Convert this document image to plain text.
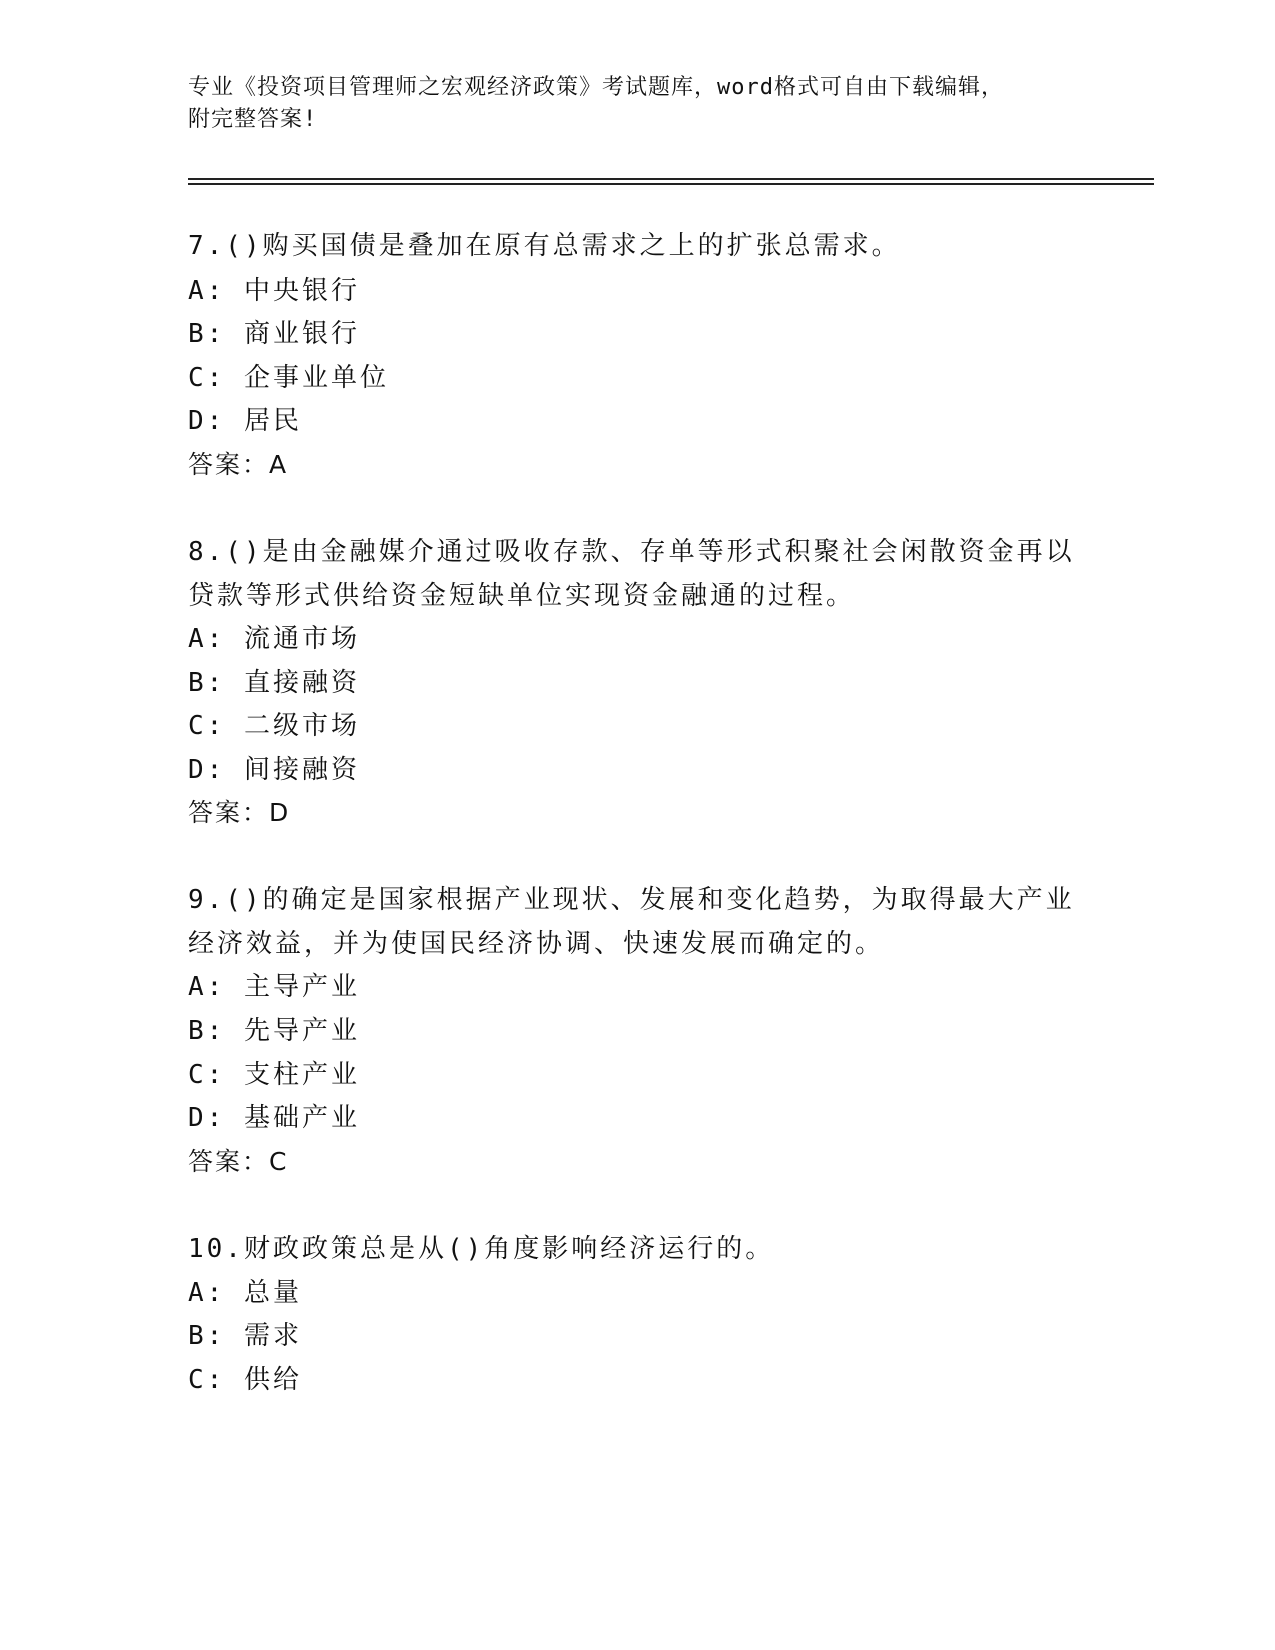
专业《投资项目管理师之宏观经济政策》考试题库，word格式可自由下载编辑，
附完整答案!
7.()购买国债是叠加在原有总需求之上的扩张总需求。
A: 中央银行
B: 商业银行
C: 企事业单位
D: 居民
答案：A
8.()是由金融媒介通过吸收存款、存单等形式积聚社会闲散资金再以
贷款等形式供给资金短缺单位实现资金融通的过程。
A: 流通市场
B: 直接融资
C: 二级市场
D: 间接融资
答案：D
9.()的确定是国家根据产业现状、发展和变化趋势，为取得最大产业
经济效益，并为使国民经济协调、快速发展而确定的。
A: 主导产业
B: 先导产业
C: 支柱产业
D: 基础产业
答案：C
10.财政政策总是从()角度影响经济运行的。
A: 总量
B: 需求
C: 供给
